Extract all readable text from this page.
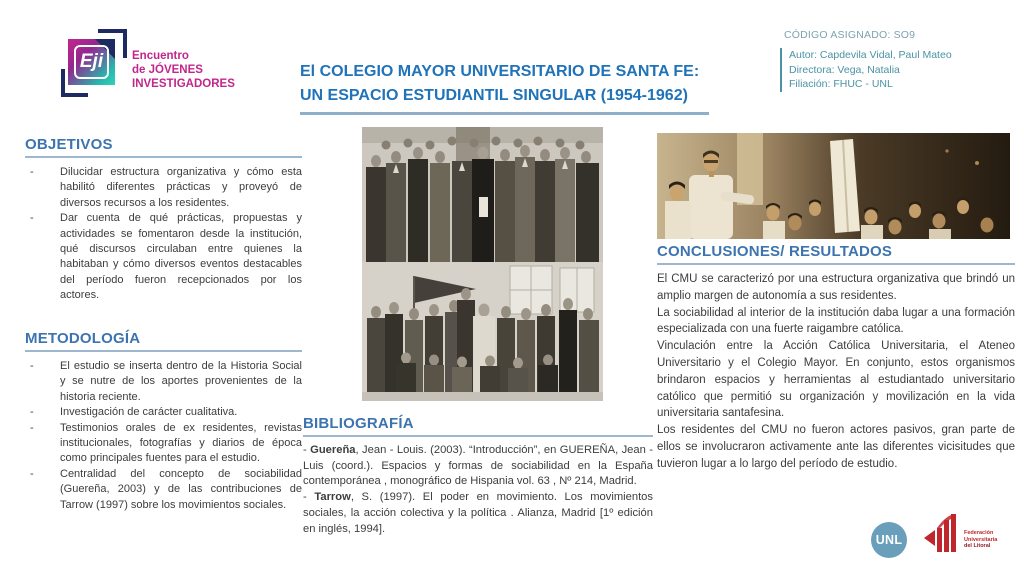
Eji	Encuentro
de JÓVENES
INVESTIGADORES
CÓDIGO ASIGNADO: SO9
Autor: Capdevila Vidal, Paul Mateo
Directora: Vega, Natalia
Filiación: FHUC - UNL
El COLEGIO MAYOR UNIVERSITARIO DE SANTA FE:
UN ESPACIO ESTUDIANTIL SINGULAR (1954-1962)
OBJETIVOS
-	Dilucidar estructura organizativa y cómo esta habilitó diferentes prácticas y proveyó de diversos recursos a los residentes.
-	Dar cuenta de qué prácticas, propuestas y actividades se fomentaron desde la institución, qué discursos circulaban entre quienes la habitaban y cómo diversos eventos destacables del período fueron recepcionados por los actores.
METODOLOGÍA
-	El estudio se inserta dentro de la Historia Social y se nutre de los aportes provenientes de la historia reciente.
-	Investigación de carácter cualitativa.
-	Testimonios orales de ex residentes, revistas institucionales, fotografías y diarios de época como principales fuentes para el estudio.
-	Centralidad del concepto de sociabilidad (Guereña, 2003) y de las contribuciones de Tarrow (1997) sobre los movimientos sociales.
BIBLIOGRAFÍA

- Guereña, Jean - Louis. (2003). “Introducción”, en GUEREÑA, Jean - Luis (coord.). Espacios y formas de sociabilidad en la España contemporánea , monográfico de Hispania vol. 63 , Nº 214, Madrid.

- Tarrow, S. (1997). El poder en movimiento. Los movimientos sociales, la acción colectiva y la política . Alianza, Madrid [1º edición en inglés, 1994].

CONCLUSIONES/ RESULTADOS

El CMU se caracterizó por una estructura organizativa que brindó un amplio margen de autonomía a sus residentes.

La sociabilidad al interior de la institución daba lugar a una formación especializada con una fuerte raigambre católica.

Vinculación entre la Acción Católica Universitaria, el Ateneo Universitario y el Colegio Mayor. En conjunto, estos organismos brindaron espacios y herramientas al estudiantado universitario católico que permitió su organización y movilización en la vida universitaria santafesina.

Los residentes del CMU no fueron actores pasivos, gran parte de ellos se involucraron activamente ante las diferentes vicisitudes que tuvieron lugar a lo largo del período de estudio.

UNL	Federación
Universitaria
del Litoral
